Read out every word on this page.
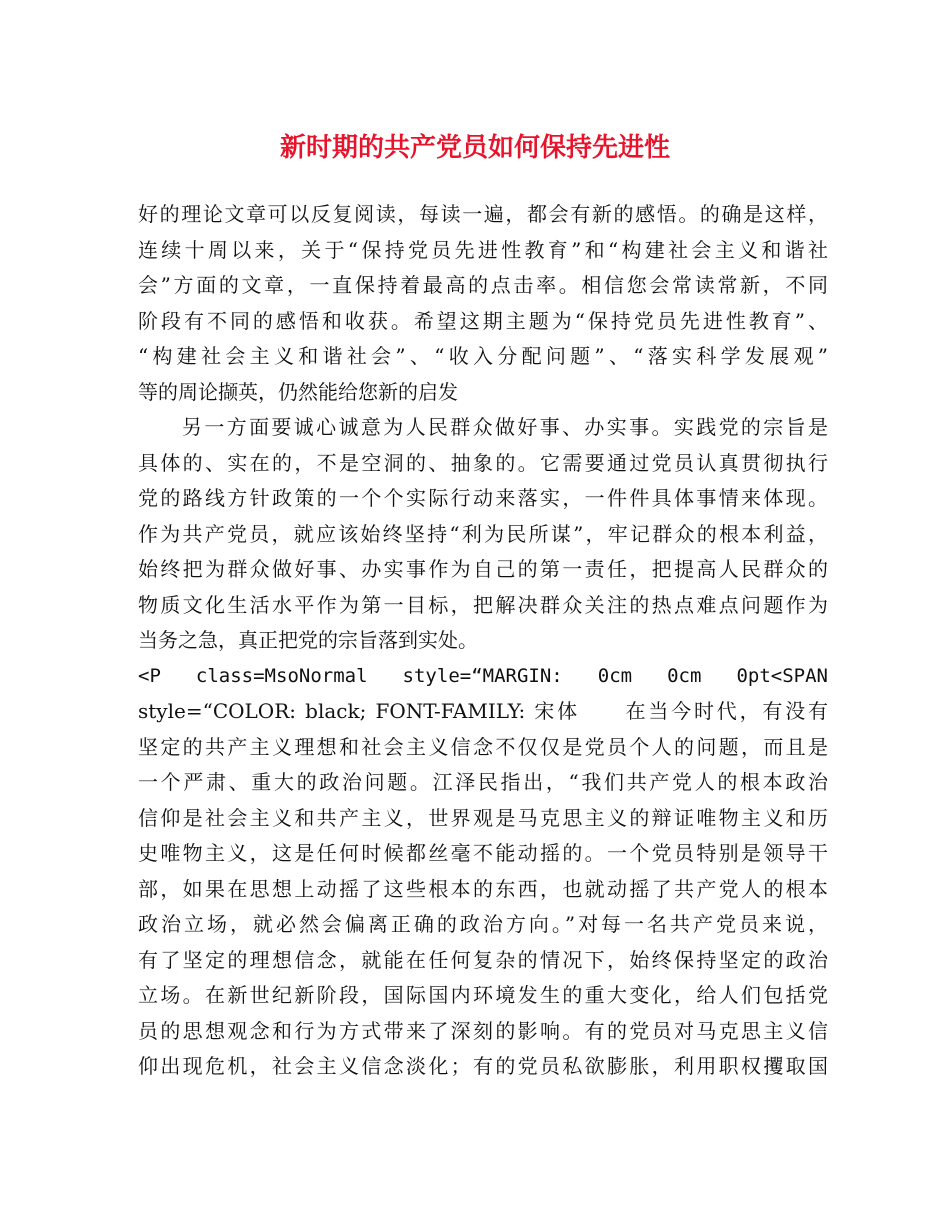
新时期的共产党员如何保持先进性
好的理论文章可以反复阅读，每读一遍，都会有新的感悟。的确是这样，
连续十周以来，关于“保持党员先进性教育”和“构建社会主义和谐社
会”方面的文章，一直保持着最高的点击率。相信您会常读常新，不同
阶段有不同的感悟和收获。希望这期主题为“保持党员先进性教育”、
“构建社会主义和谐社会”、“收入分配问题”、“落实科学发展观”
等的周论撷英，仍然能给您新的启发
另一方面要诚心诚意为人民群众做好事、办实事。实践党的宗旨是
具体的、实在的，不是空洞的、抽象的。它需要通过党员认真贯彻执行
党的路线方针政策的一个个实际行动来落实，一件件具体事情来体现。
作为共产党员，就应该始终坚持“利为民所谋”，牢记群众的根本利益，
始终把为群众做好事、办实事作为自己的第一责任，把提高人民群众的
物质文化生活水平作为第一目标，把解决群众关注的热点难点问题作为
当务之急，真正把党的宗旨落到实处。
<P class=MsoNormal style=“MARGIN: 0cm 0cm 0pt<SPAN
style=“COLOR: black; FONT-FAMILY: 宋体　　在当今时代，有没有
坚定的共产主义理想和社会主义信念不仅仅是党员个人的问题，而且是
一个严肃、重大的政治问题。江泽民指出，“我们共产党人的根本政治
信仰是社会主义和共产主义，世界观是马克思主义的辩证唯物主义和历
史唯物主义，这是任何时候都丝毫不能动摇的。一个党员特别是领导干
部，如果在思想上动摇了这些根本的东西，也就动摇了共产党人的根本
政治立场，就必然会偏离正确的政治方向。”对每一名共产党员来说，
有了坚定的理想信念，就能在任何复杂的情况下，始终保持坚定的政治
立场。在新世纪新阶段，国际国内环境发生的重大变化，给人们包括党
员的思想观念和行为方式带来了深刻的影响。有的党员对马克思主义信
仰出现危机，社会主义信念淡化；有的党员私欲膨胀，利用职权攫取国
